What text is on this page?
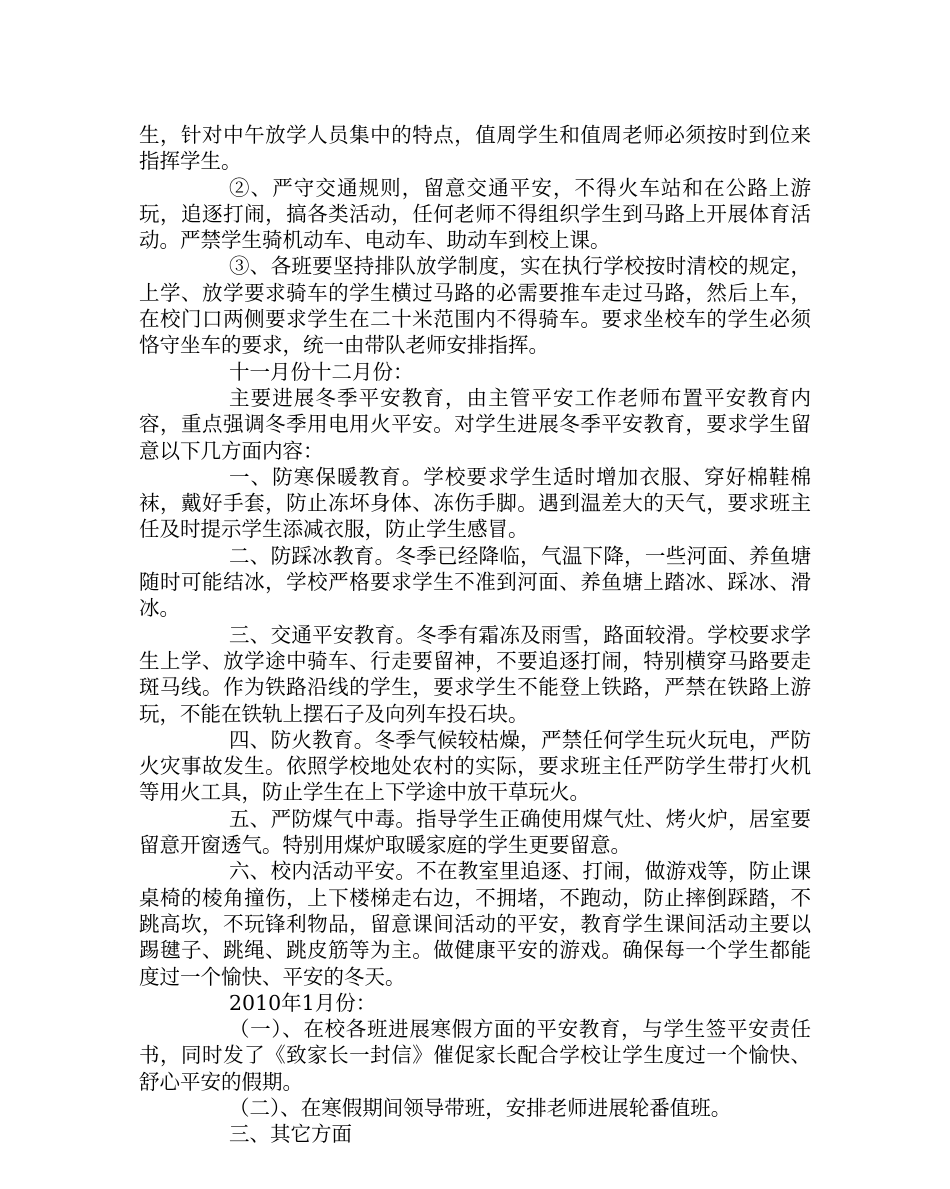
生，针对中午放学人员集中的特点，值周学生和值周老师必须按时到位来指挥学生。

②、严守交通规则，留意交通平安，不得火车站和在公路上游玩，追逐打闹，搞各类活动，任何老师不得组织学生到马路上开展体育活动。严禁学生骑机动车、电动车、助动车到校上课。

③、各班要坚持排队放学制度，实在执行学校按时清校的规定，上学、放学要求骑车的学生横过马路的必需要推车走过马路，然后上车，在校门口两侧要求学生在二十米范围内不得骑车。要求坐校车的学生必须恪守坐车的要求，统一由带队老师安排指挥。

十一月份十二月份：

主要进展冬季平安教育，由主管平安工作老师布置平安教育内容，重点强调冬季用电用火平安。对学生进展冬季平安教育，要求学生留意以下几方面内容：

一、防寒保暖教育。学校要求学生适时增加衣服、穿好棉鞋棉袜，戴好手套，防止冻坏身体、冻伤手脚。遇到温差大的天气，要求班主任及时提示学生添减衣服，防止学生感冒。

二、防踩冰教育。冬季已经降临，气温下降，一些河面、养鱼塘随时可能结冰，学校严格要求学生不准到河面、养鱼塘上踏冰、踩冰、滑冰。

三、交通平安教育。冬季有霜冻及雨雪，路面较滑。学校要求学生上学、放学途中骑车、行走要留神，不要追逐打闹，特别横穿马路要走斑马线。作为铁路沿线的学生，要求学生不能登上铁路，严禁在铁路上游玩，不能在铁轨上摆石子及向列车投石块。

四、防火教育。冬季气候较枯燥，严禁任何学生玩火玩电，严防火灾事故发生。依照学校地处农村的实际，要求班主任严防学生带打火机等用火工具，防止学生在上下学途中放干草玩火。

五、严防煤气中毒。指导学生正确使用煤气灶、烤火炉，居室要留意开窗透气。特别用煤炉取暖家庭的学生更要留意。

六、校内活动平安。不在教室里追逐、打闹，做游戏等，防止课桌椅的棱角撞伤，上下楼梯走右边，不拥堵，不跑动，防止摔倒踩踏，不跳高坎，不玩锋利物品，留意课间活动的平安，教育学生课间活动主要以踢毽子、跳绳、跳皮筋等为主。做健康平安的游戏。确保每一个学生都能度过一个愉快、平安的冬天。

2010年1月份：

（一）、在校各班进展寒假方面的平安教育，与学生签平安责任书，同时发了《致家长一封信》催促家长配合学校让学生度过一个愉快、舒心平安的假期。

（二）、在寒假期间领导带班，安排老师进展轮番值班。

三、其它方面
